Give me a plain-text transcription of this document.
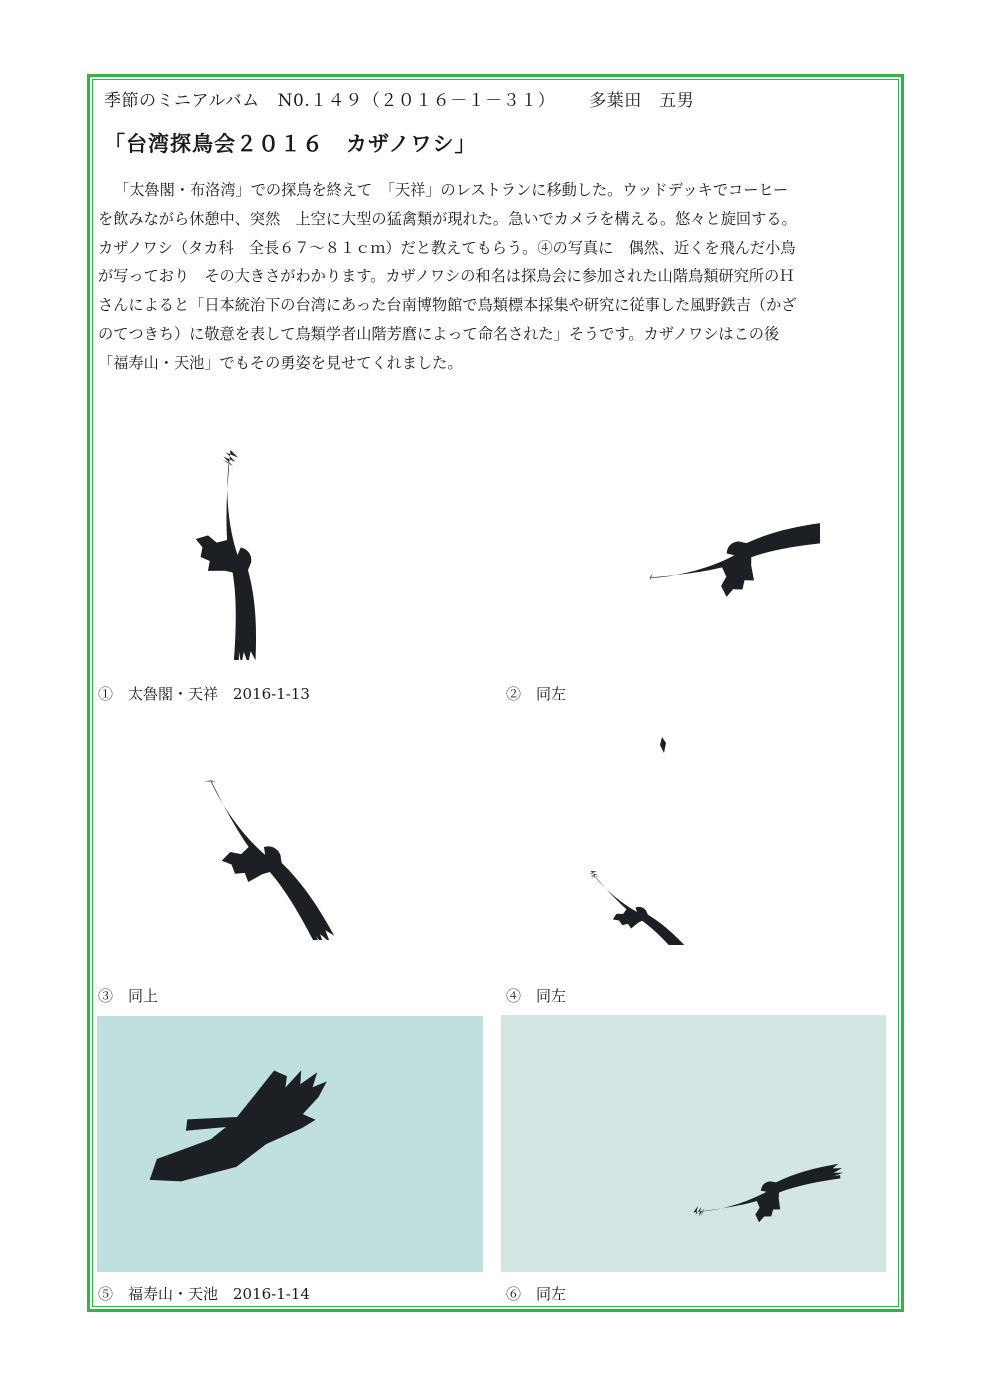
季節のミニアルバム N0.１４９（２０１６－１－３１） 多葉田　五男
「台湾探鳥会２０１６　カザノワシ」

「太魯閣・布洛湾」での探鳥を終えて　「天祥」のレストランに移動した。ウッドデッキでコーヒー

を飲みながら休憩中、突然　上空に大型の猛禽類が現れた。急いでカメラを構える。悠々と旋回する。

カザノワシ（タカ科　全長６７～８１ｃｍ）だと教えてもらう。④の写真に　偶然、近くを飛んだ小鳥

が写っており　その大きさがわかります。カザノワシの和名は探鳥会に参加された山階鳥類研究所のＨ

さんによると「日本統治下の台湾にあった台南博物館で鳥類標本採集や研究に従事した風野鉄吉（かざ

のてつきち）に敬意を表して鳥類学者山階芳麿によって命名された」そうです。カザノワシはこの後

「福寿山・天池」でもその勇姿を見せてくれました。

①　太魯閣・天祥　2016-1-13	②　同左
③　同上	④　同左
⑤　福寿山・天池　2016-1-14	⑥　同左
